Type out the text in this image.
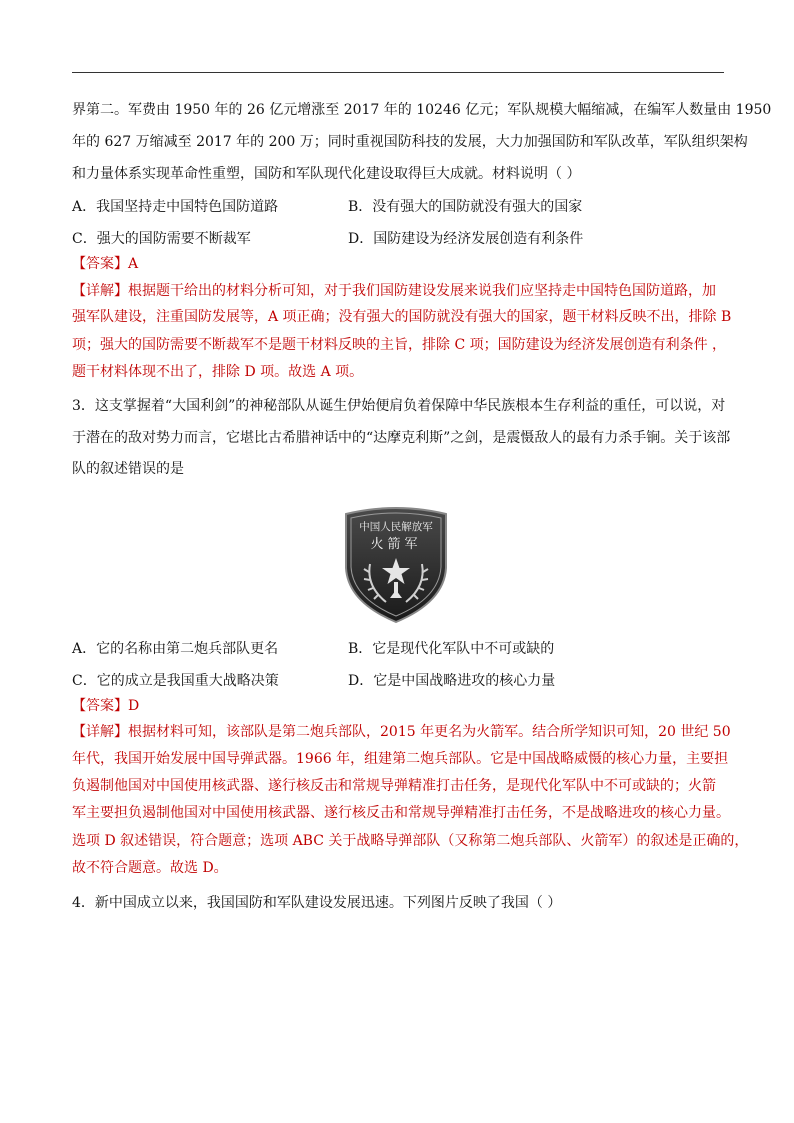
界第二。军费由 1950 年的 26 亿元增涨至 2017 年的 10246 亿元；军队规模大幅缩减，在编军人数量由 1950
年的 627 万缩减至 2017 年的 200 万；同时重视国防科技的发展，大力加强国防和军队改革，军队组织架构
和力量体系实现革命性重塑，国防和军队现代化建设取得巨大成就。材料说明（ ）
A．我国坚持走中国特色国防道路	B．没有强大的国防就没有强大的国家
C．强大的国防需要不断裁军	D．国防建设为经济发展创造有利条件
【答案】A
【详解】根据题干给出的材料分析可知，对于我们国防建设发展来说我们应坚持走中国特色国防道路，加
强军队建设，注重国防发展等，A 项正确；没有强大的国防就没有强大的国家，题干材料反映不出，排除 B
项；强大的国防需要不断裁军不是题干材料反映的主旨，排除 C 项；国防建设为经济发展创造有利条件 ，
题干材料体现不出了，排除 D 项。故选 A 项。
3．这支掌握着“大国利剑”的神秘部队从诞生伊始便肩负着保障中华民族根本生存利益的重任，可以说，对
于潜在的敌对势力而言，它堪比古希腊神话中的“达摩克利斯”之剑，是震慑敌人的最有力杀手锏。关于该部
队的叙述错误的是
中国人民解放军
火箭军
A．它的名称由第二炮兵部队更名	B．它是现代化军队中不可或缺的
C．它的成立是我国重大战略决策	D．它是中国战略进攻的核心力量
【答案】D
【详解】根据材料可知，该部队是第二炮兵部队，2015 年更名为火箭军。结合所学知识可知，20 世纪 50
年代，我国开始发展中国导弹武器。1966 年，组建第二炮兵部队。它是中国战略威慑的核心力量，主要担
负遏制他国对中国使用核武器、遂行核反击和常规导弹精准打击任务，是现代化军队中不可或缺的；火箭
军主要担负遏制他国对中国使用核武器、遂行核反击和常规导弹精准打击任务，不是战略进攻的核心力量。
选项 D 叙述错误，符合题意；选项 ABC 关于战略导弹部队（又称第二炮兵部队、火箭军）的叙述是正确的，
故不符合题意。故选 D。
4．新中国成立以来，我国国防和军队建设发展迅速。下列图片反映了我国（ ）
